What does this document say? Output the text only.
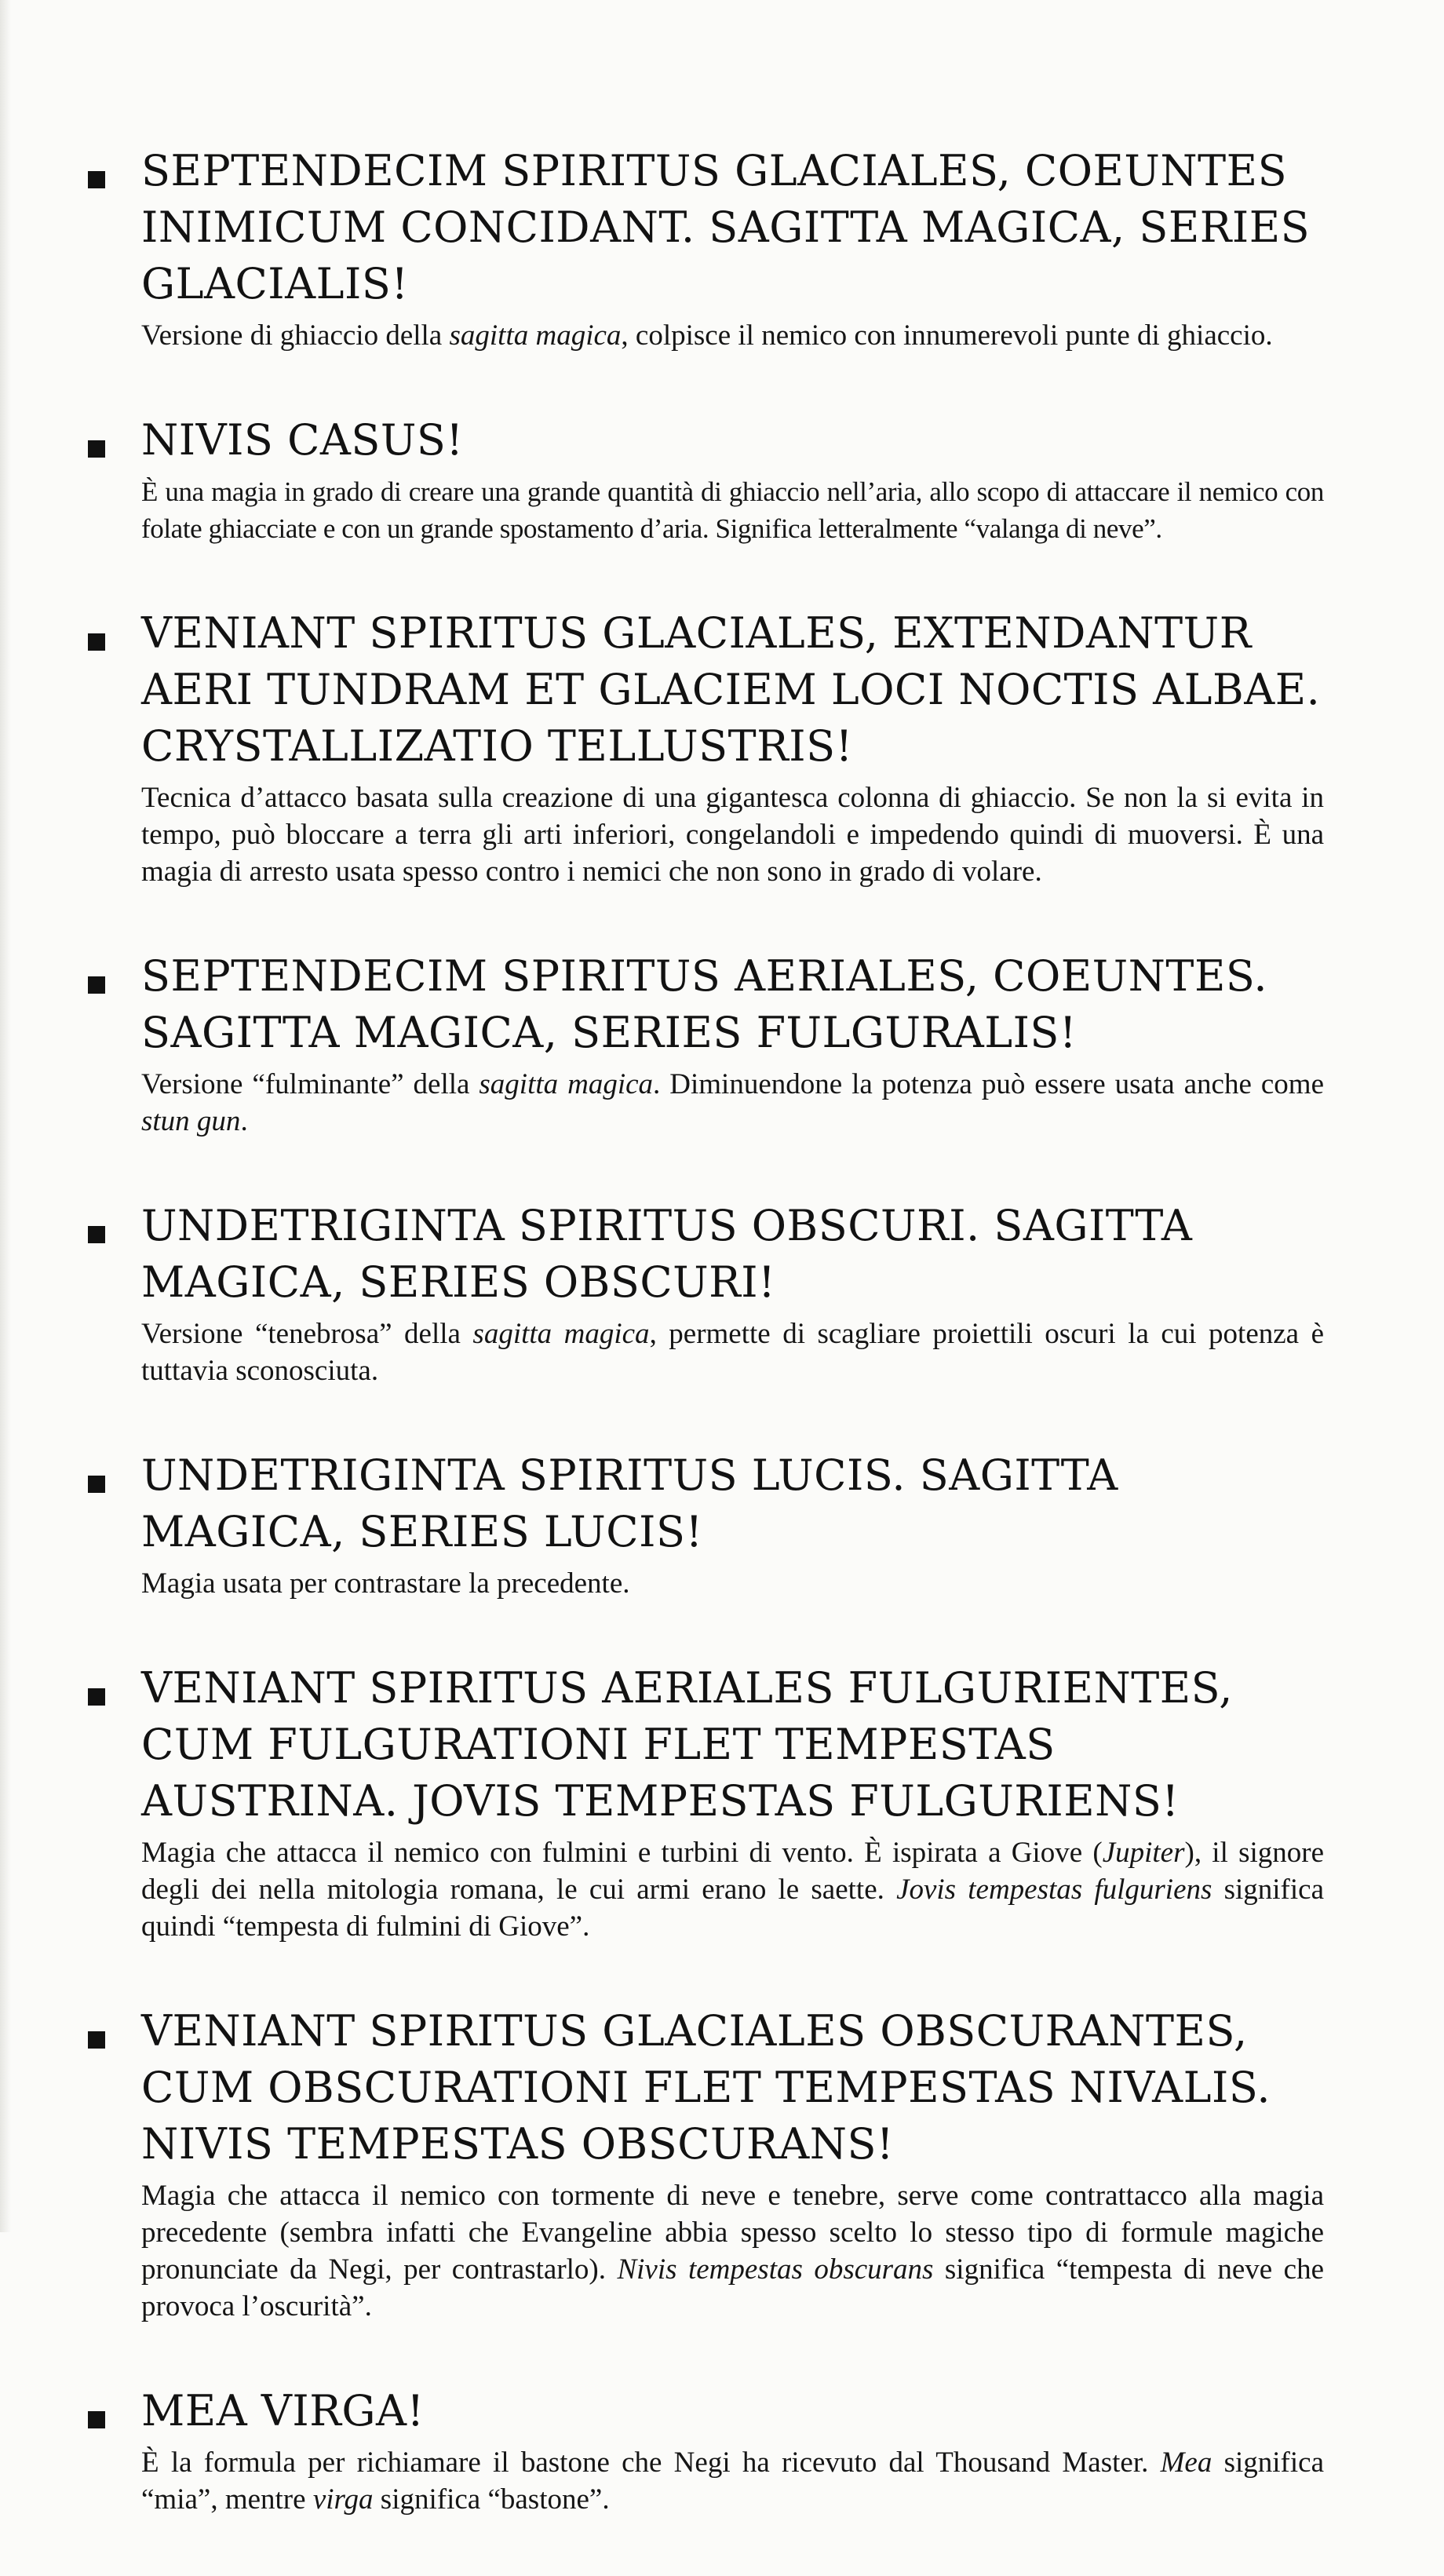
SEPTENDECIM SPIRITUS GLACIALES, COEUNTES INIMICUM CONCIDANT. SAGITTA MAGICA, SERIES GLACIALIS!

Versione di ghiaccio della sagitta magica, colpisce il nemico con innumerevoli punte di ghiaccio.

NIVIS CASUS!

È una magia in grado di creare una grande quantità di ghiaccio nell’aria, allo scopo di attaccare il nemico con folate ghiacciate e con un grande spostamento d’aria. Significa letteralmente “valanga di neve”.

VENIANT SPIRITUS GLACIALES, EXTENDANTUR AERI TUNDRAM ET GLACIEM LOCI NOCTIS ALBAE. CRYSTALLIZATIO TELLUSTRIS!

Tecnica d’attacco basata sulla creazione di una gigantesca colonna di ghiaccio. Se non la si evita in tempo, può bloccare a terra gli arti inferiori, congelandoli e impedendo quindi di muoversi. È una magia di arresto usata spesso contro i nemici che non sono in grado di volare.

SEPTENDECIM SPIRITUS AERIALES, COEUNTES. SAGITTA MAGICA, SERIES FULGURALIS!

Versione “fulminante” della sagitta magica. Diminuendone la potenza può essere usata anche come stun gun.

UNDETRIGINTA SPIRITUS OBSCURI. SAGITTA MAGICA, SERIES OBSCURI!

Versione “tenebrosa” della sagitta magica, permette di scagliare proiettili oscuri la cui potenza è tuttavia sconosciuta.

UNDETRIGINTA SPIRITUS LUCIS. SAGITTA MAGICA, SERIES LUCIS!

Magia usata per contrastare la precedente.

VENIANT SPIRITUS AERIALES FULGURIENTES, CUM FULGURATIONI FLET TEMPESTAS AUSTRINA. JOVIS TEMPESTAS FULGURIENS!

Magia che attacca il nemico con fulmini e turbini di vento. È ispirata a Giove (Jupiter), il signore degli dei nella mitologia romana, le cui armi erano le saette. Jovis tempestas fulguriens significa quindi “tempesta di fulmini di Giove”.

VENIANT SPIRITUS GLACIALES OBSCURANTES, CUM OBSCURATIONI FLET TEMPESTAS NIVALIS. NIVIS TEMPESTAS OBSCURANS!

Magia che attacca il nemico con tormente di neve e tenebre, serve come contrattacco alla magia precedente (sembra infatti che Evangeline abbia spesso scelto lo stesso tipo di formule magiche pronunciate da Negi, per contrastarlo). Nivis tempestas obscurans significa “tempesta di neve che provoca l’oscurità”.

MEA VIRGA!

È la formula per richiamare il bastone che Negi ha ricevuto dal Thousand Master. Mea significa “mia”, mentre virga significa “bastone”.
